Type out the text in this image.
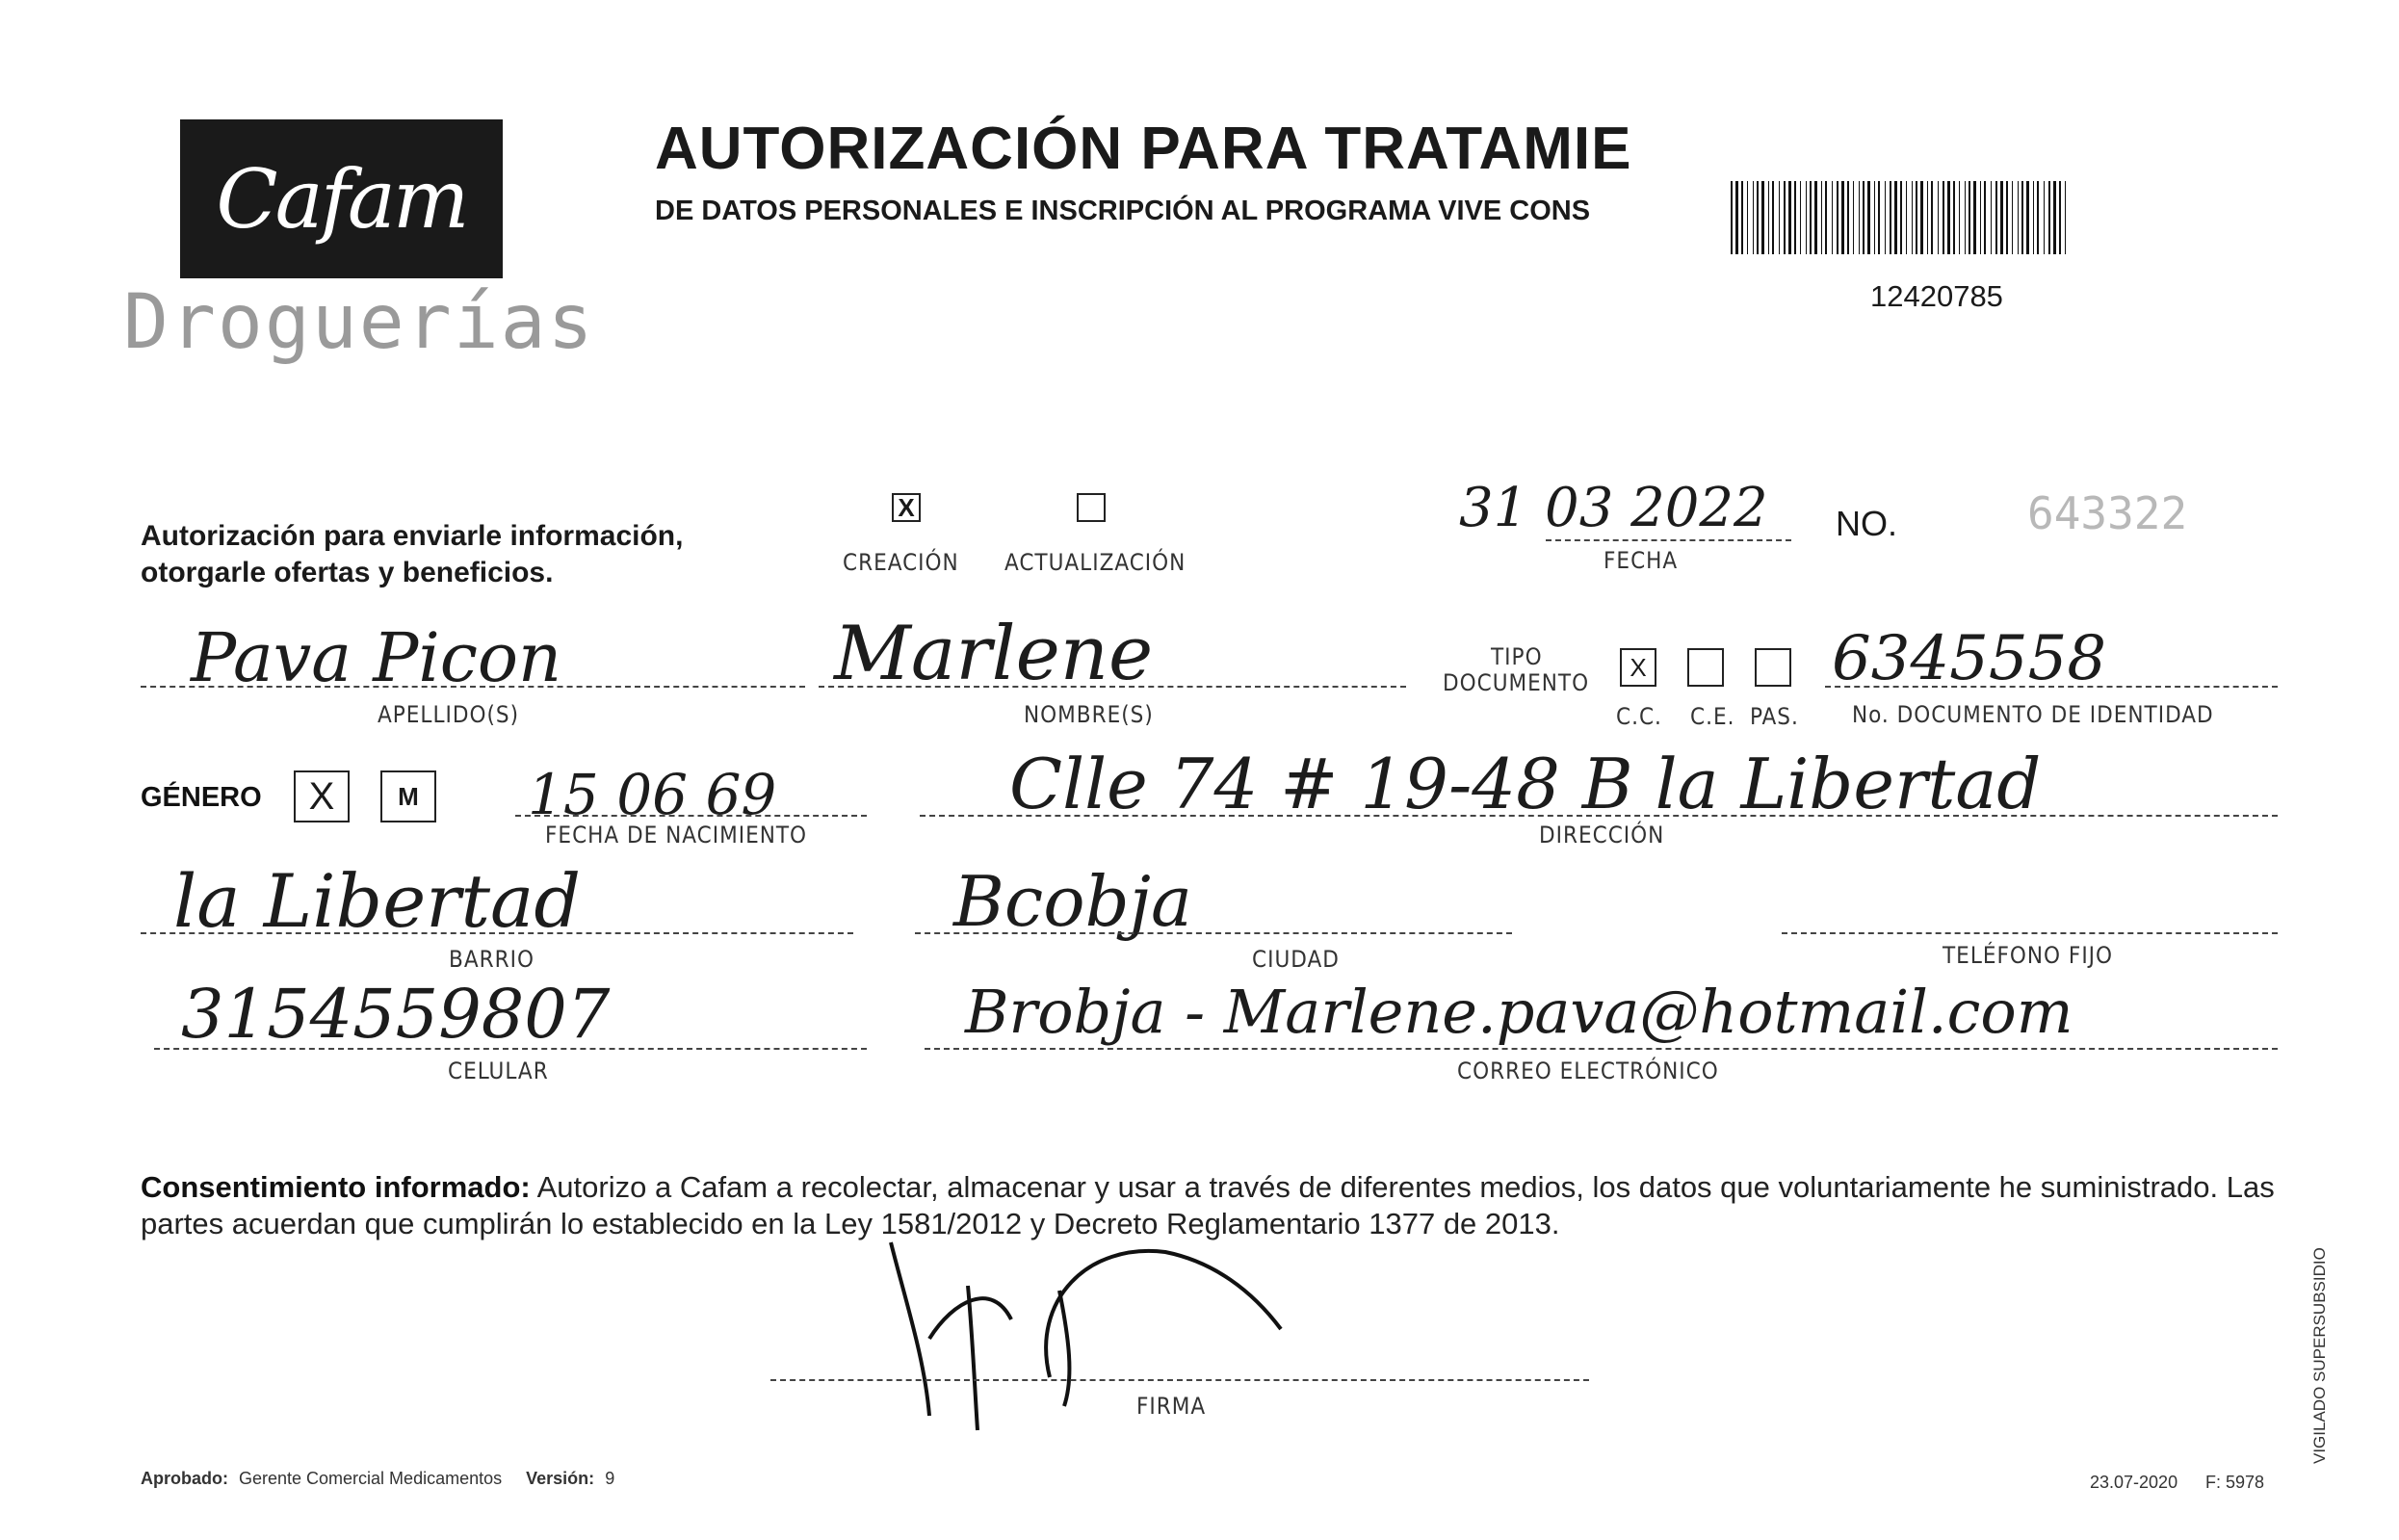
Cafam
Droguerías
AUTORIZACIÓN PARA TRATAMIE
DE DATOS PERSONALES E INSCRIPCIÓN AL PROGRAMA VIVE CONS
12420785
Autorización para enviarle información,
otorgarle ofertas y beneficios.
X
CREACIÓN ACTUALIZACIÓN
31 03 2022
FECHA
NO.	643322
Pava Picon
APELLIDO(S)
Marlene
NOMBRE(S)
TIPO
DOCUMENTO
X
C.C. C.E. PAS.
6345558
No. DOCUMENTO DE IDENTIDAD
GÉNERO X	M 15 06 69
FECHA DE NACIMIENTO
Clle 74 # 19-48 B la Libertad
DIRECCIÓN
la Libertad
BARRIO
Bcobja
CIUDAD	TELÉFONO FIJO
3154559807
CELULAR
Brobja - Marlene.pava@hotmail.com
CORREO ELECTRÓNICO
Consentimiento informado: Autorizo a Cafam a recolectar, almacenar y usar a través de diferentes medios, los datos que voluntariamente he suministrado. Las partes acuerdan que cumplirán lo establecido en la Ley 1581/2012 y Decreto Reglamentario 1377 de 2013.
FIRMA
Aprobado: Gerente Comercial Medicamentos Versión: 9	23.07-2020 F: 5978
VIGILADO SUPERSUBSIDIO
